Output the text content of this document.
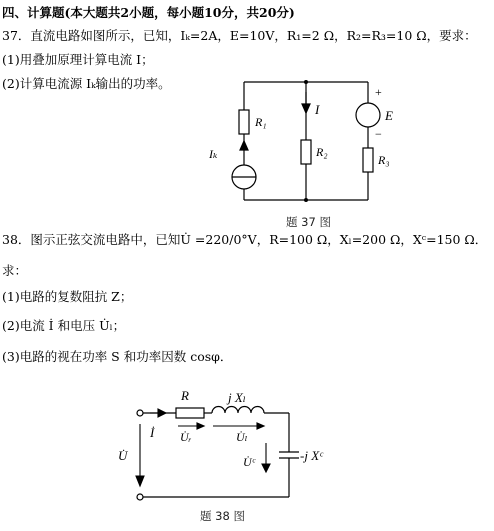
四、计算题(本大题共2小题，每小题10分，共20分)
37．直流电路如图所示，已知，Iₖ=2A，E=10V，R₁=2 Ω，R₂=R₃=10 Ω，要求：
(1)用叠加原理计算电流 I；
(2)计算电流源 Iₖ输出的功率。
R₁
I
R₂
Iₖ
E
+
−
R₃
题 37 图
38．图示正弦交流电路中，已知U̇ =220/0°V，R=100 Ω，Xₗ=200 Ω，Xᶜ=150 Ω．
求：
(1)电路的复数阻抗 Z；
(2)电流 İ 和电压 U̇ₗ；
(3)电路的视在功率 S 和功率因数 cosφ．
R	j Xₗ
İ U̇ᵣ	U̇ₗ
U̇	U̇ᶜ	-j Xᶜ
题 38 图
